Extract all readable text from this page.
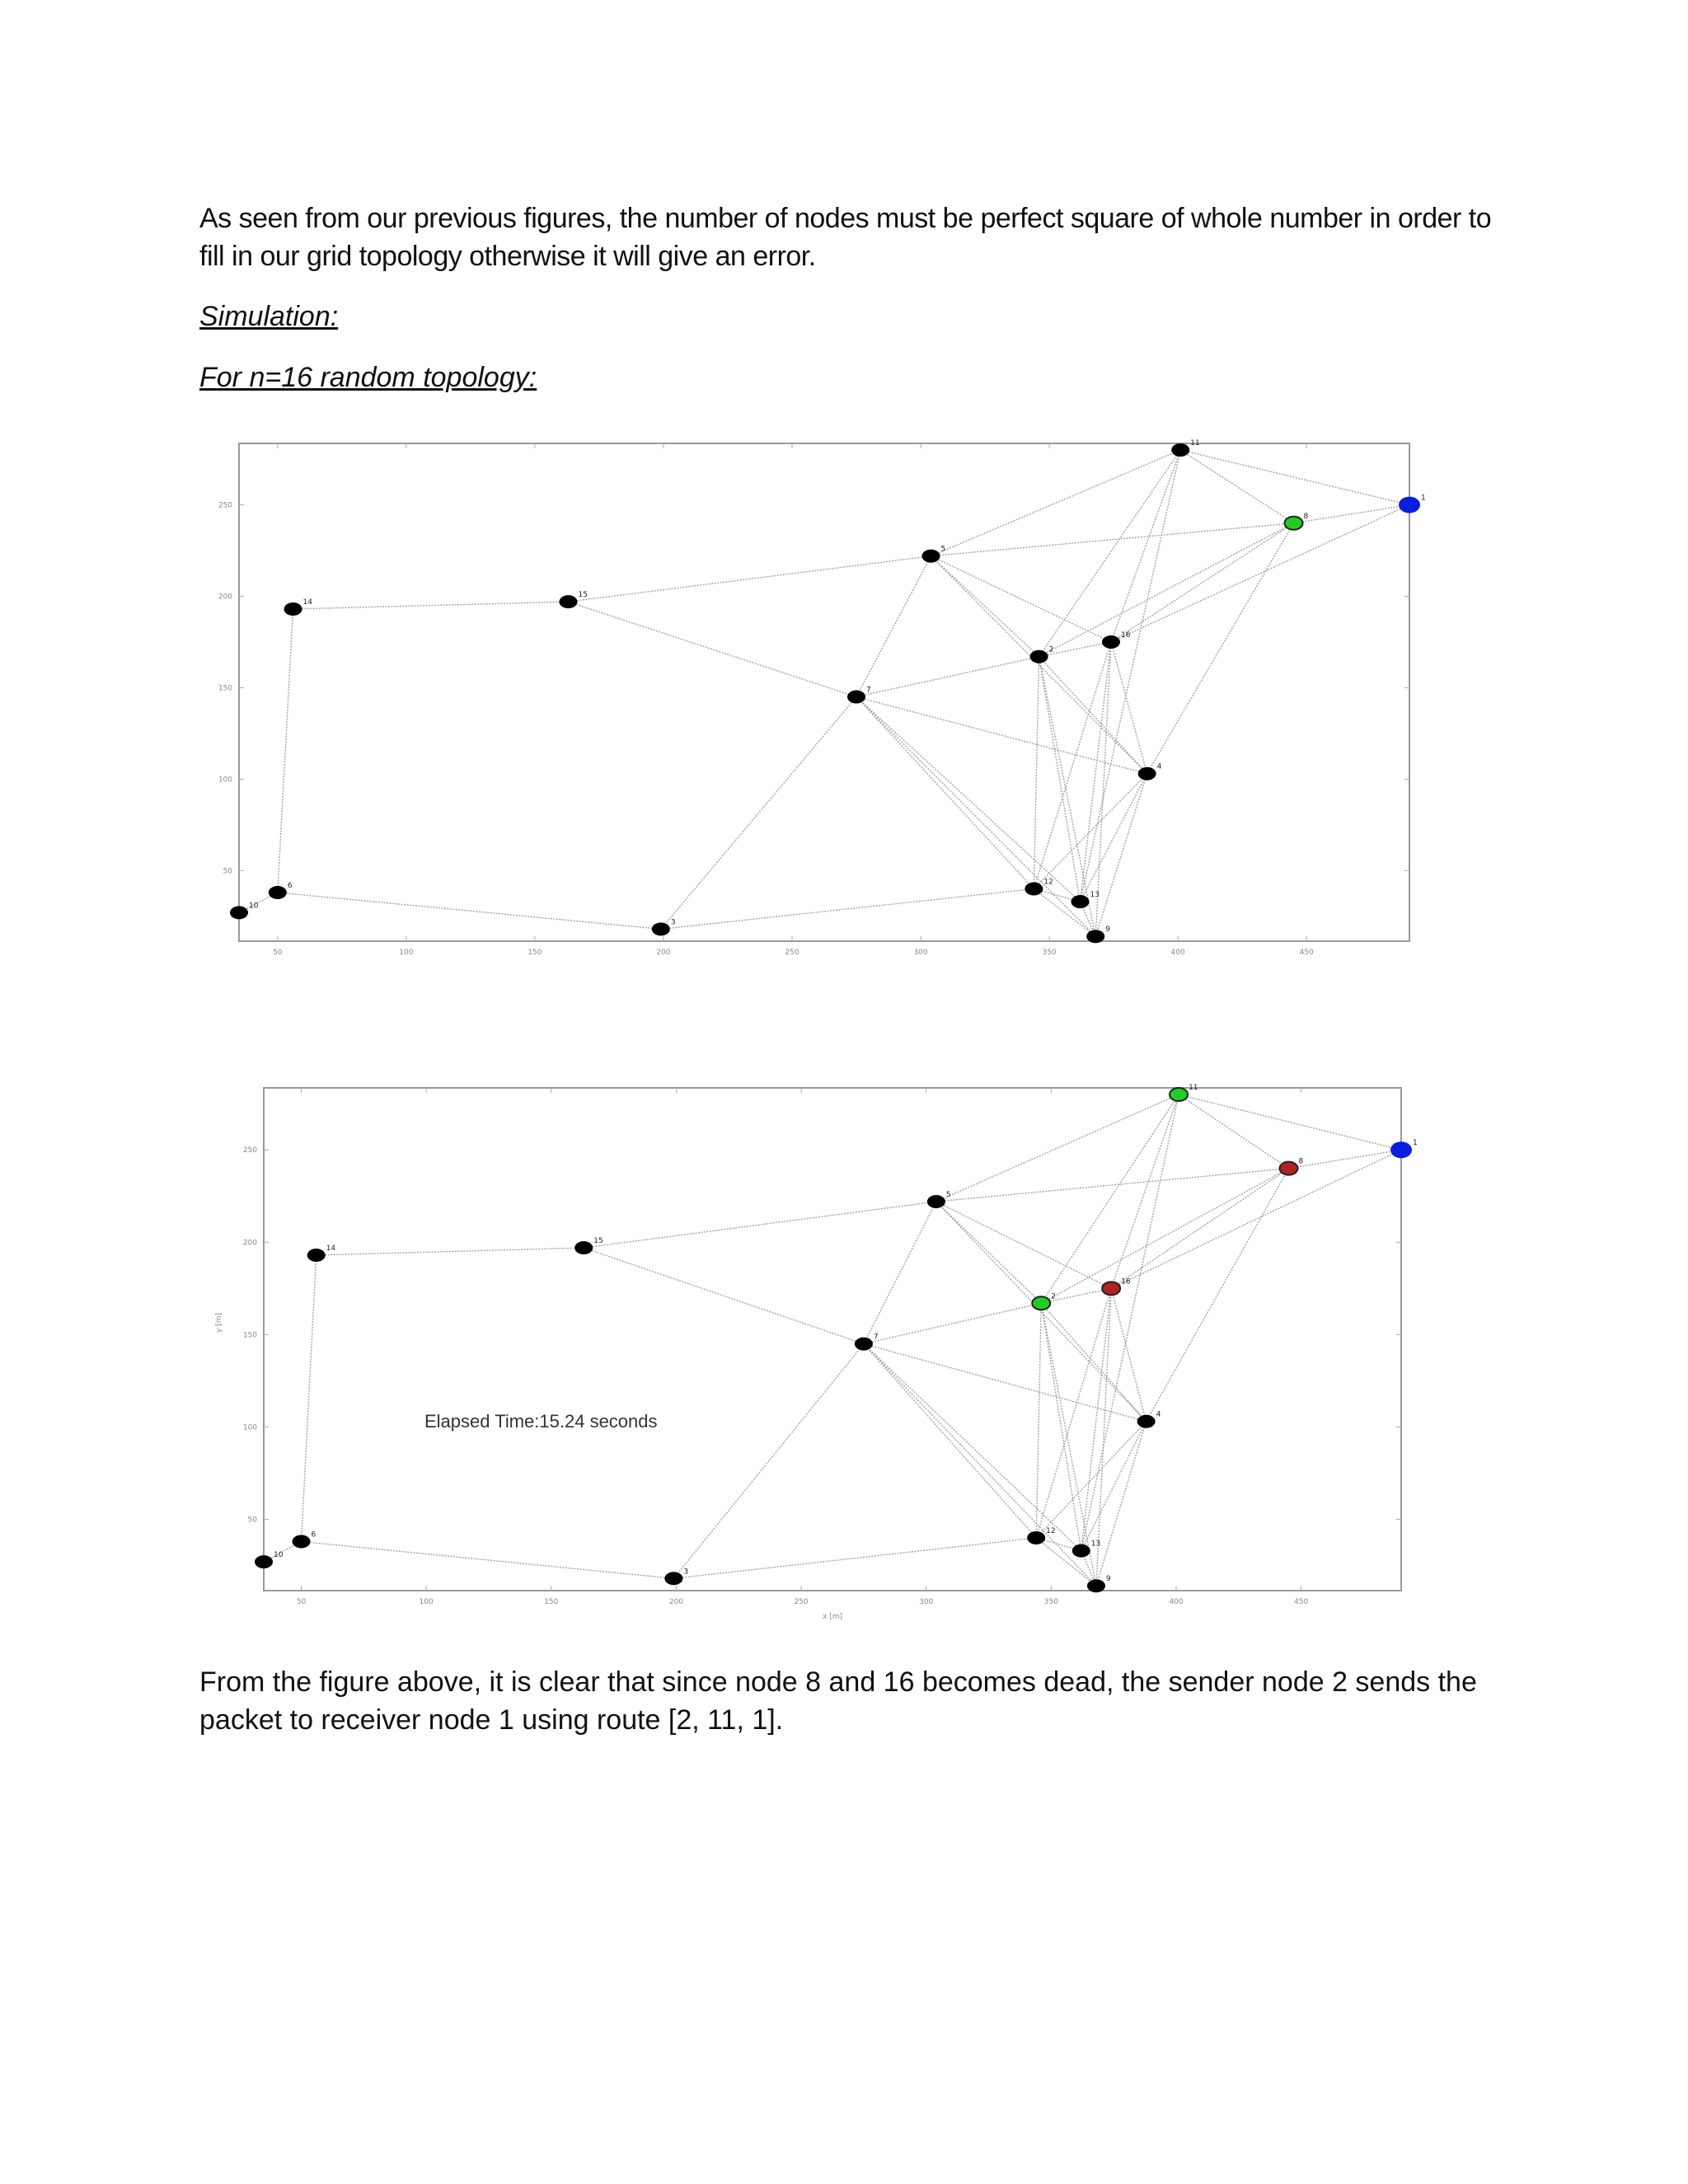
As seen from our previous figures, the number of nodes must be perfect square of whole number in order to fill in our grid topology otherwise it will give an error.

Simulation:

For n=16 random topology:

50	100	150	200	250	300	350	400	450
50
100
150
200
250
1
2
3
4
5
6
7
8
9
10
11
12
13
14
15
16
50	100	150	200	250	300	350	400	450
50
100
150
200
250
x [m]
y [m]
1
2
3
4
5
6
7
8
9
10
11
12
13
14
15
16
Elapsed Time:15.24 seconds

From the figure above, it is clear that since node 8 and 16 becomes dead, the sender node 2 sends the packet to receiver node 1 using route [2, 11, 1].
